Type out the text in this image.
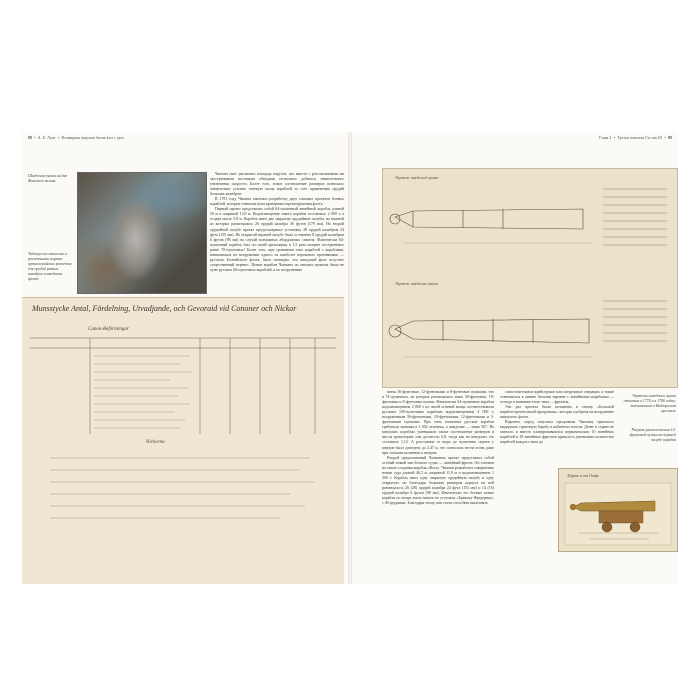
88  •  А. Б. Лунг  •  Всемирная морская битва кил с грот
Шведская пушка на дне Финского залива
Таблица численности и расчетными нормам артиллерийских расчетов для орудий разных калибров в шведском флоте

Чапман смог увеличить площадь парусов, что вместе с рассчитанными им заостренными носовыми обводами позволило добиться значительного увеличения скорости. Более того, новое соотношение размеров позволило значительно усилить огневую мощь кораблей за счет применения орудий больших калибров.

В 1781 году Чапман закончил разработку двух типовых проектов боевых кораблей, которые отвечали всем критериям перевооружения флота.

Первый проект представлял собой 64-пушечный линейный корабль длиной 50 м и шириной 13,9 м. Водоизмещение такого корабля составляло 2 000 т, а осадка около 5,8 м. Корабль имел две закрытые орудийные палубы, на нижней из которых размещались 26 орудий калибра 36 футов (179 мм). На второй орудийной палубе проект предусматривал установку 28 орудий калибром 24 фута (155 мм). На открытой верхней палубе было оставлено 8 орудий калибром 6 футов (98 мм) на случай возможных абордажных схваток. Фактически 64-пушечный корабль был по своей артиллерии в 1,5 раза мощнее построенных ранее 70-пушечных! Более того, при сравнении этих кораблей с кораблями, имевшимися на вооружении одного из наиболее вероятных противников — русского Балтийского флота, было очевидно, что шведский флот получает существенный перевес. Новые корабли Чапмана по многим пунктам были не хуже русских 66-пушечных кораблей, а по вооружению

Munsstycke Antal, Fördelning, Utvadjande, och Gevoraid vid Cononer och Nickor
Canon-Beförtningar
Nickorna
Глава 2  •  Третья попытка Густав III  •  89
Чертеж шведской пушки
Чертеж шведских пушек
Чертежи шведских пушек отлитых в 1774 и в 1780 годах, выполненные в Выборгском арсенале

жены 36-фунтовые, 12-фунтовыми и 8-фунтовые пушками, что в 74-пушечных, на которых размещались лишь 30-фунтовые, 18-фунтовые и 8-фунтовые пушки. Фактически 64-пушечные корабли водоизмещением 2 000 т по своей огневой мощи соответствовали русским 100-пушечным кораблям водоизмещением 4 000 т, вооруженным 36-фунтовыми, 18-фунтовыми, 12-фунтовыми и 3-фунтовыми пушками. При этом типичные русские корабли требовали экипажа в 1 002 человека, а шведские — лишь 567. На шведских кораблях уменьшили также соотношение размеров и массы артиллерии: она достигало 0,8, тогда как на шведских это составило 1,12. А расстояние от воды до пушечных портов у шведов было доведено до 2,47 м, что позволяло вести огонь даже при сильном волнении и шторме.

Второй предложенный Чапманом проект представлял собой особый новый тип боевого судна — линейный фрегат. Он основан на опыте создания корабля «Васа». Чапман разработал совершенно новые суда длиной 46,5 м, шириной 11,9 м и водоизмещением 1 300 т. Корабль имел одну закрытую орудийную палубу и одну открытую, но благодаря большим размерам корпуса на ней размещалось 26 (28) орудий калибра 24 фута (155 мм) и 14 (16) орудий калибра 6 футов (98 мм). Фактически это боевые новые корабли по мощи залпа ничуть не уступали «Бравому-Фредерику» с 40 орудиями. Благодаря этому они стали способны выполнять

самостоятельные крейсерские или патрульные операции, а также становиться в линию баталии наравне с линейными кораблями — отсюда и название этого типа — фрегаты.

Эти два проекта были положены в основу «Большой кораблестроительной программы», которая одобрена на вооружение шведского флота.

Впрочем, перед запуском программы Чапману пришлось выдержать серьезную борьбу в кабинетах власти. Денег в стране не хватало, и вместо планировавшихся первоначально 10 линейных кораблей и 10 линейных фрегатов пришлось уменьшить количество кораблей каждого типа до

Рисунок расположения 12-фунтовой пушки на верхней палубе корабля
Туфенг и от Остр
